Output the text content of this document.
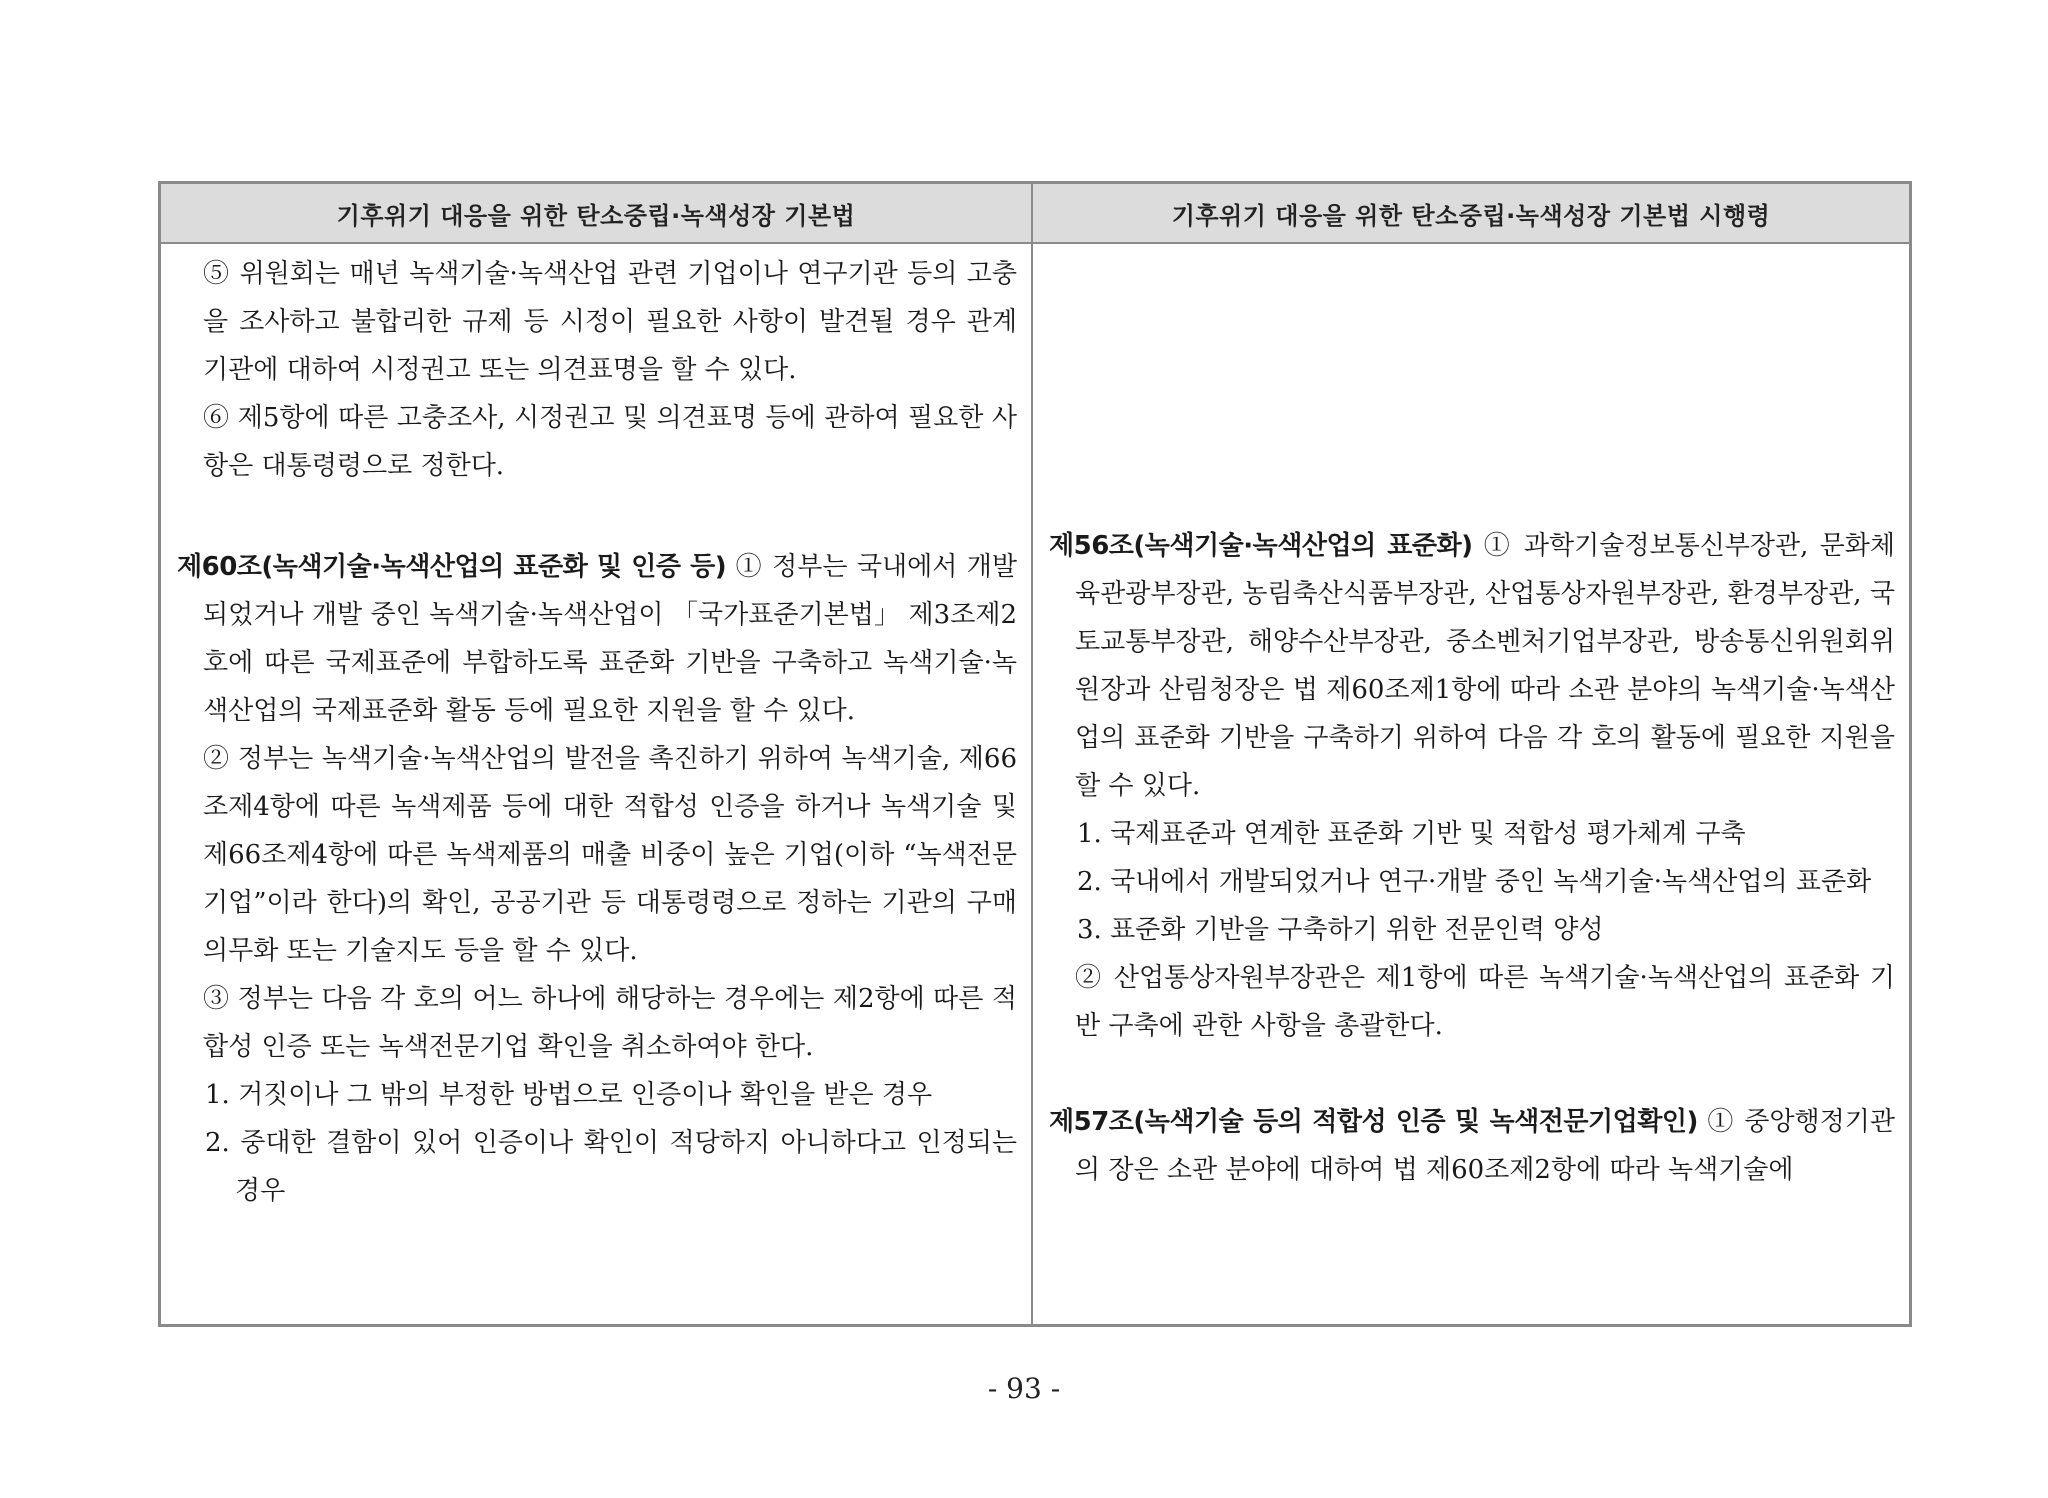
기후위기 대응을 위한 탄소중립·녹색성장 기본법	기후위기 대응을 위한 탄소중립·녹색성장 기본법 시행령

⑤ 위원회는 매년 녹색기술·녹색산업 관련 기업이나 연구기관 등의 고충을 조사하고 불합리한 규제 등 시정이 필요한 사항이 발견될 경우 관계 기관에 대하여 시정권고 또는 의견표명을 할 수 있다.

⑥ 제5항에 따른 고충조사, 시정권고 및 의견표명 등에 관하여 필요한 사항은 대통령령으로 정한다.

제60조(녹색기술·녹색산업의 표준화 및 인증 등) ① 정부는 국내에서 개발되었거나 개발 중인 녹색기술·녹색산업이 「국가표준기본법」 제3조제2호에 따른 국제표준에 부합하도록 표준화 기반을 구축하고 녹색기술·녹색산업의 국제표준화 활동 등에 필요한 지원을 할 수 있다.

② 정부는 녹색기술·녹색산업의 발전을 촉진하기 위하여 녹색기술, 제66조제4항에 따른 녹색제품 등에 대한 적합성 인증을 하거나 녹색기술 및 제66조제4항에 따른 녹색제품의 매출 비중이 높은 기업(이하 “녹색전문기업”이라 한다)의 확인, 공공기관 등 대통령령으로 정하는 기관의 구매의무화 또는 기술지도 등을 할 수 있다.

③ 정부는 다음 각 호의 어느 하나에 해당하는 경우에는 제2항에 따른 적합성 인증 또는 녹색전문기업 확인을 취소하여야 한다.

1. 거짓이나 그 밖의 부정한 방법으로 인증이나 확인을 받은 경우

2. 중대한 결함이 있어 인증이나 확인이 적당하지 아니하다고 인정되는 경우

제56조(녹색기술·녹색산업의 표준화) ① 과학기술정보통신부장관, 문화체육관광부장관, 농림축산식품부장관, 산업통상자원부장관, 환경부장관, 국토교통부장관, 해양수산부장관, 중소벤처기업부장관, 방송통신위원회위원장과 산림청장은 법 제60조제1항에 따라 소관 분야의 녹색기술·녹색산업의 표준화 기반을 구축하기 위하여 다음 각 호의 활동에 필요한 지원을 할 수 있다.

1. 국제표준과 연계한 표준화 기반 및 적합성 평가체계 구축

2. 국내에서 개발되었거나 연구·개발 중인 녹색기술·녹색산업의 표준화

3. 표준화 기반을 구축하기 위한 전문인력 양성

② 산업통상자원부장관은 제1항에 따른 녹색기술·녹색산업의 표준화 기반 구축에 관한 사항을 총괄한다.

제57조(녹색기술 등의 적합성 인증 및 녹색전문기업확인) ① 중앙행정기관의 장은 소관 분야에 대하여 법 제60조제2항에 따라 녹색기술에

- 93 -
